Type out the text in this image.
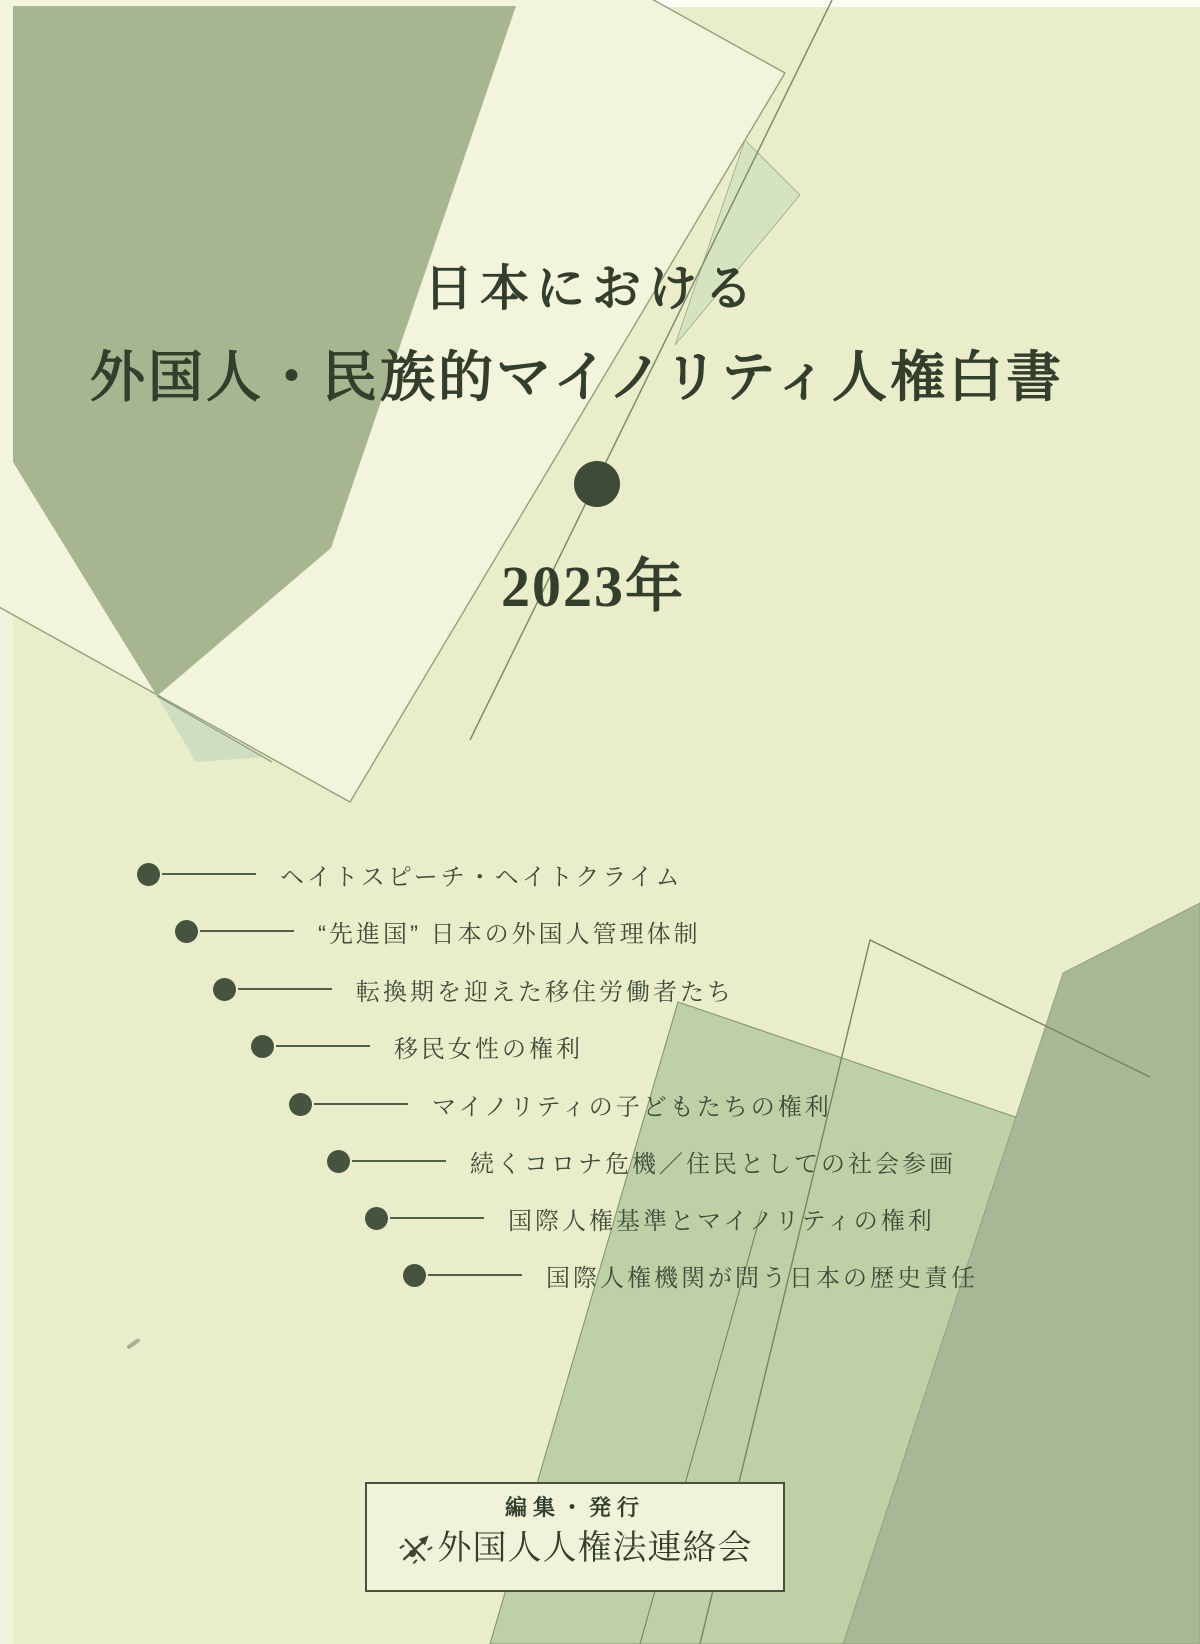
日本における
外国人・民族的マイノリティ人権白書
2023年
ヘイトスピーチ・ヘイトクライム
“先進国” 日本の外国人管理体制
転換期を迎えた移住労働者たち
移民女性の権利
マイノリティの子どもたちの権利
続くコロナ危機／住民としての社会参画
国際人権基準とマイノリティの権利
国際人権機関が問う日本の歴史責任
編集・発行
外国人人権法連絡会
